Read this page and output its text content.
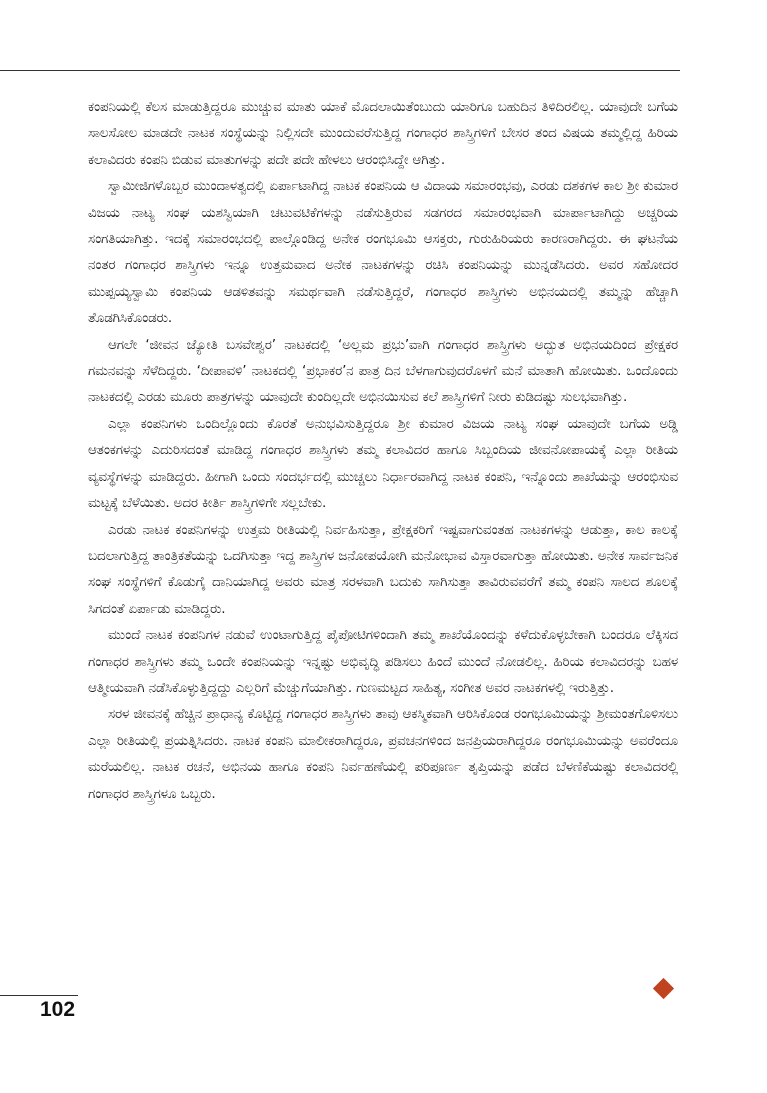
ಕಂಪನಿಯಲ್ಲಿ ಕೆಲಸ ಮಾಡುತ್ತಿದ್ದರೂ ಮುಚ್ಚುವ ಮಾತು ಯಾಕೆ ಮೊದಲಾಯಿತೆಂಬುದು ಯಾರಿಗೂ ಬಹುದಿನ ತಿಳಿದಿರಲಿಲ್ಲ. ಯಾವುದೇ ಬಗೆಯ ಸಾಲಸೋಲ ಮಾಡದೇ ನಾಟಕ ಸಂಸ್ಥೆಯನ್ನು ನಿಲ್ಲಿಸದೇ ಮುಂದುವರೆಸುತ್ತಿದ್ದ ಗಂಗಾಧರ ಶಾಸ್ತ್ರಿಗಳಿಗೆ ಬೇಸರ ತಂದ ವಿಷಯ ತಮ್ಮಲ್ಲಿದ್ದ ಹಿರಿಯ ಕಲಾವಿದರು ಕಂಪನಿ ಬಿಡುವ ಮಾತುಗಳನ್ನು ಪದೇ ಪದೇ ಹೇಳಲು ಆರಂಭಿಸಿದ್ದೇ ಆಗಿತ್ತು.

ಸ್ವಾಮೀಜಿಗಳೊಬ್ಬರ ಮುಂದಾಳತ್ವದಲ್ಲಿ ಏರ್ಪಾಟಾಗಿದ್ದ ನಾಟಕ ಕಂಪನಿಯ ಆ ವಿದಾಯ ಸಮಾರಂಭವು, ಎರಡು ದಶಕಗಳ ಕಾಲ ಶ್ರೀ ಕುಮಾರ ವಿಜಯ ನಾಟ್ಯ ಸಂಘ ಯಶಸ್ವಿಯಾಗಿ ಚಟುವಟಿಕೆಗಳನ್ನು ನಡೆಸುತ್ತಿರುವ ಸಡಗರದ ಸಮಾರಂಭವಾಗಿ ಮಾರ್ಪಾಟಾಗಿದ್ದು ಅಚ್ಚರಿಯ ಸಂಗತಿಯಾಗಿತ್ತು. ಇದಕ್ಕೆ ಸಮಾರಂಭದಲ್ಲಿ ಪಾಲ್ಗೊಂಡಿದ್ದ ಅನೇಕ ರಂಗಭೂಮಿ ಆಸಕ್ತರು, ಗುರುಹಿರಿಯರು ಕಾರಣರಾಗಿದ್ದರು. ಈ ಘಟನೆಯ ನಂತರ ಗಂಗಾಧರ ಶಾಸ್ತ್ರಿಗಳು ಇನ್ನೂ ಉತ್ತಮವಾದ ಅನೇಕ ನಾಟಕಗಳನ್ನು ರಚಿಸಿ ಕಂಪನಿಯನ್ನು ಮುನ್ನಡೆಸಿದರು. ಅವರ ಸಹೋದರ ಮುಪ್ಪಯ್ಯಸ್ವಾಮಿ ಕಂಪನಿಯ ಆಡಳಿತವನ್ನು ಸಮರ್ಥವಾಗಿ ನಡೆಸುತ್ತಿದ್ದರೆ, ಗಂಗಾಧರ ಶಾಸ್ತ್ರಿಗಳು ಅಭಿನಯದಲ್ಲಿ ತಮ್ಮನ್ನು ಹೆಚ್ಚಾಗಿ ತೊಡಗಿಸಿಕೊಂಡರು.

ಆಗಲೇ ‘ಜೀವನ ಜ್ಯೋತಿ ಬಸವೇಶ್ವರ’ ನಾಟಕದಲ್ಲಿ ‘ಅಲ್ಲಮ ಪ್ರಭು’ವಾಗಿ ಗಂಗಾಧರ ಶಾಸ್ತ್ರಿಗಳು ಅದ್ಭುತ ಅಭಿನಯದಿಂದ ಪ್ರೇಕ್ಷಕರ ಗಮನವನ್ನು ಸೆಳೆದಿದ್ದರು. ‘ದೀಪಾವಳಿ’ ನಾಟಕದಲ್ಲಿ ‘ಪ್ರಭಾಕರ’ನ ಪಾತ್ರ ದಿನ ಬೆಳಗಾಗುವುದರೊಳಗೆ ಮನೆ ಮಾತಾಗಿ ಹೋಯಿತು. ಒಂದೊಂದು ನಾಟಕದಲ್ಲಿ ಎರಡು ಮೂರು ಪಾತ್ರಗಳನ್ನು ಯಾವುದೇ ಕುಂದಿಲ್ಲದೇ ಅಭಿನಯಿಸುವ ಕಲೆ ಶಾಸ್ತ್ರಿಗಳಿಗೆ ನೀರು ಕುಡಿದಷ್ಟು ಸುಲಭವಾಗಿತ್ತು.

ಎಲ್ಲಾ ಕಂಪನಿಗಳು ಒಂದಿಲ್ಲೊಂದು ಕೊರತೆ ಅನುಭವಿಸುತ್ತಿದ್ದರೂ ಶ್ರೀ ಕುಮಾರ ವಿಜಯ ನಾಟ್ಯ ಸಂಘ ಯಾವುದೇ ಬಗೆಯ ಅಡ್ಡಿ ಆತಂಕಗಳನ್ನು ಎದುರಿಸದಂತೆ ಮಾಡಿದ್ದ ಗಂಗಾಧರ ಶಾಸ್ತ್ರಿಗಳು ತಮ್ಮ ಕಲಾವಿದರ ಹಾಗೂ ಸಿಬ್ಬಂದಿಯ ಜೀವನೋಪಾಯಕ್ಕೆ ಎಲ್ಲಾ ರೀತಿಯ ವ್ಯವಸ್ಥೆಗಳನ್ನು ಮಾಡಿದ್ದರು. ಹೀಗಾಗಿ ಒಂದು ಸಂದರ್ಭದಲ್ಲಿ ಮುಚ್ಚಲು ನಿರ್ಧಾರವಾಗಿದ್ದ ನಾಟಕ ಕಂಪನಿ, ಇನ್ನೊಂದು ಶಾಖೆಯನ್ನು ಆರಂಭಿಸುವ ಮಟ್ಟಕ್ಕೆ ಬೆಳೆಯಿತು. ಅದರ ಕೀರ್ತಿ ಶಾಸ್ತ್ರಿಗಳಿಗೇ ಸಲ್ಲಬೇಕು.

ಎರಡು ನಾಟಕ ಕಂಪನಿಗಳನ್ನು ಉತ್ತಮ ರೀತಿಯಲ್ಲಿ ನಿರ್ವಹಿಸುತ್ತಾ, ಪ್ರೇಕ್ಷಕರಿಗೆ ಇಷ್ಟವಾಗುವಂತಹ ನಾಟಕಗಳನ್ನು ಆಡುತ್ತಾ, ಕಾಲ ಕಾಲಕ್ಕೆ ಬದಲಾಗುತ್ತಿದ್ದ ತಾಂತ್ರಿಕತೆಯನ್ನು ಒದಗಿಸುತ್ತಾ ಇದ್ದ ಶಾಸ್ತ್ರಿಗಳ ಜನೋಪಯೋಗಿ ಮನೋಭಾವ ವಿಸ್ತಾರವಾಗುತ್ತಾ ಹೋಯಿತು. ಅನೇಕ ಸಾರ್ವಜನಿಕ ಸಂಘ ಸಂಸ್ಥೆಗಳಿಗೆ ಕೊಡುಗೈ ದಾನಿಯಾಗಿದ್ದ ಅವರು ಮಾತ್ರ ಸರಳವಾಗಿ ಬದುಕು ಸಾಗಿಸುತ್ತಾ ತಾವಿರುವವರೆಗೆ ತಮ್ಮ ಕಂಪನಿ ಸಾಲದ ಶೂಲಕ್ಕೆ ಸಿಗದಂತೆ ಏರ್ಪಾಡು ಮಾಡಿದ್ದರು.

ಮುಂದೆ ನಾಟಕ ಕಂಪನಿಗಳ ನಡುವೆ ಉಂಟಾಗುತ್ತಿದ್ದ ಪೈಪೋಟಿಗಳಿಂದಾಗಿ ತಮ್ಮ ಶಾಖೆಯೊಂದನ್ನು ಕಳೆದುಕೊಳ್ಳಬೇಕಾಗಿ ಬಂದರೂ ಲೆಕ್ಕಿಸದ ಗಂಗಾಧರ ಶಾಸ್ತ್ರಿಗಳು ತಮ್ಮ ಒಂದೇ ಕಂಪನಿಯನ್ನು ಇನ್ನಷ್ಟು ಅಭಿವೃದ್ಧಿ ಪಡಿಸಲು ಹಿಂದೆ ಮುಂದೆ ನೋಡಲಿಲ್ಲ. ಹಿರಿಯ ಕಲಾವಿದರನ್ನು ಬಹಳ ಆತ್ಮೀಯವಾಗಿ ನಡೆಸಿಕೊಳ್ಳುತ್ತಿದ್ದದ್ದು ಎಲ್ಲರಿಗೆ ಮೆಚ್ಚುಗೆಯಾಗಿತ್ತು. ಗುಣಮಟ್ಟದ ಸಾಹಿತ್ಯ, ಸಂಗೀತ ಅವರ ನಾಟಕಗಳಲ್ಲಿ ಇರುತ್ತಿತ್ತು.

ಸರಳ ಜೀವನಕ್ಕೆ ಹೆಚ್ಚಿನ ಪ್ರಾಧಾನ್ಯ ಕೊಟ್ಟಿದ್ದ ಗಂಗಾಧರ ಶಾಸ್ತ್ರಿಗಳು ತಾವು ಆಕಸ್ಮಿಕವಾಗಿ ಆರಿಸಿಕೊಂಡ ರಂಗಭೂಮಿಯನ್ನು ಶ್ರೀಮಂತಗೊಳಿಸಲು ಎಲ್ಲಾ ರೀತಿಯಲ್ಲಿ ಪ್ರಯತ್ನಿಸಿದರು. ನಾಟಕ ಕಂಪನಿ ಮಾಲೀಕರಾಗಿದ್ದರೂ, ಪ್ರವಚನಗಳಿಂದ ಜನಪ್ರಿಯರಾಗಿದ್ದರೂ ರಂಗಭೂಮಿಯನ್ನು ಅವರೆಂದೂ ಮರೆಯಲಿಲ್ಲ. ನಾಟಕ ರಚನೆ, ಅಭಿನಯ ಹಾಗೂ ಕಂಪನಿ ನಿರ್ವಹಣೆಯಲ್ಲಿ ಪರಿಪೂರ್ಣ ತೃಪ್ತಿಯನ್ನು ಪಡೆದ ಬೆಳಣಿಕೆಯಷ್ಟು ಕಲಾವಿದರಲ್ಲಿ ಗಂಗಾಧರ ಶಾಸ್ತ್ರಿಗಳೂ ಒಬ್ಬರು.

102
